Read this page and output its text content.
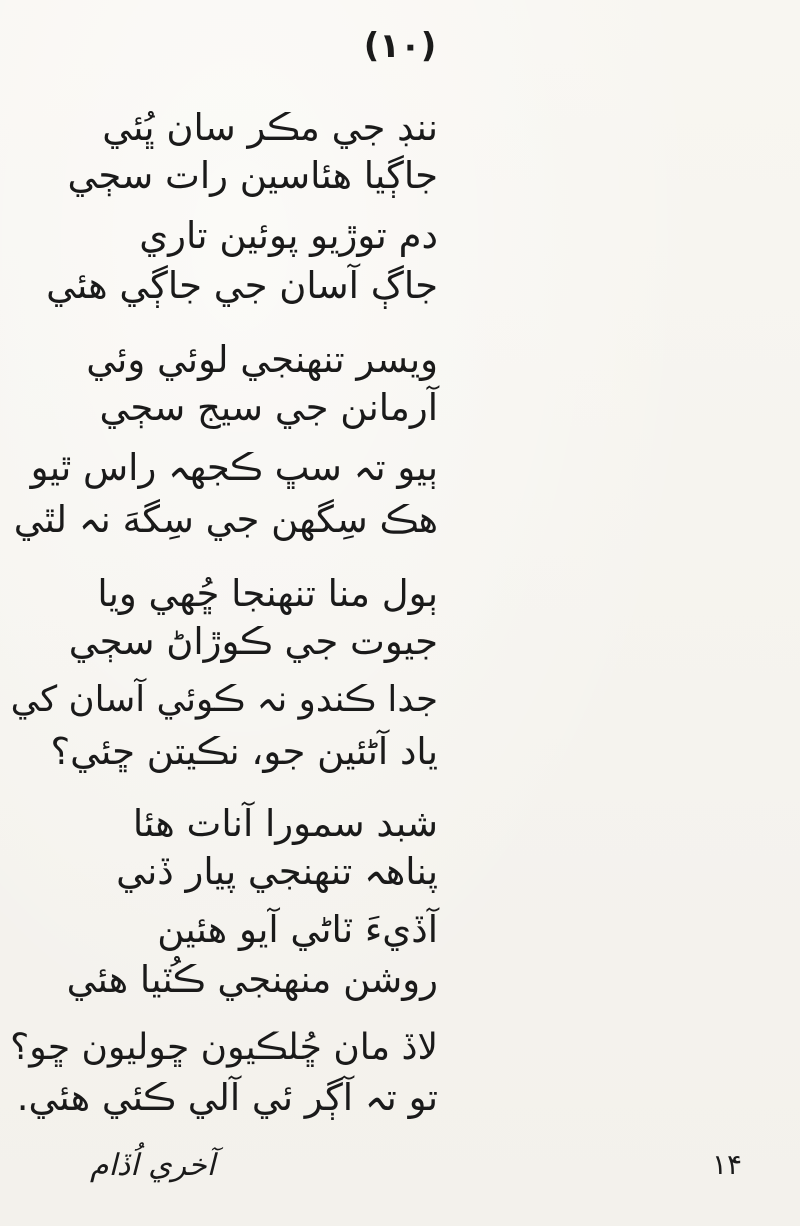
(۱۰)
ننڊ جي مڪر سان ڀُئي
جاڳيا هئاسين رات سڄي
دم توڙيو پوئين تاري
جاڳ آسان جي جاڳي هئي
ويسر تنهنجي لوئي وئي
آرمانن جي سيج سڄي
ٻيو تہ سڀ ڪجهہ راس ٿيو
هڪ سِگهن جي سِگهَ نہ لٿي
ٻول منا تنهنجا ڇُهي ويا
جيوت جي ڪوڙاڻ سڄي
جدا ڪندو نہ ڪوئي آسان کي
ياد آڻئين جو، نڪيتن ڇئي؟
شبد سمورا آنات هئا
پناهہ تنهنجي پيار ڏني
آڏيءَ ٽاڻي آيو هئين
روشن منهنجي ڪُٽيا هئي
لاڏ مان ڇُلڪيون ڇوليون ڇو؟
تو تہ آڳر ئي آلي ڪئي هئي.
آخري اُڏام	۱۴
